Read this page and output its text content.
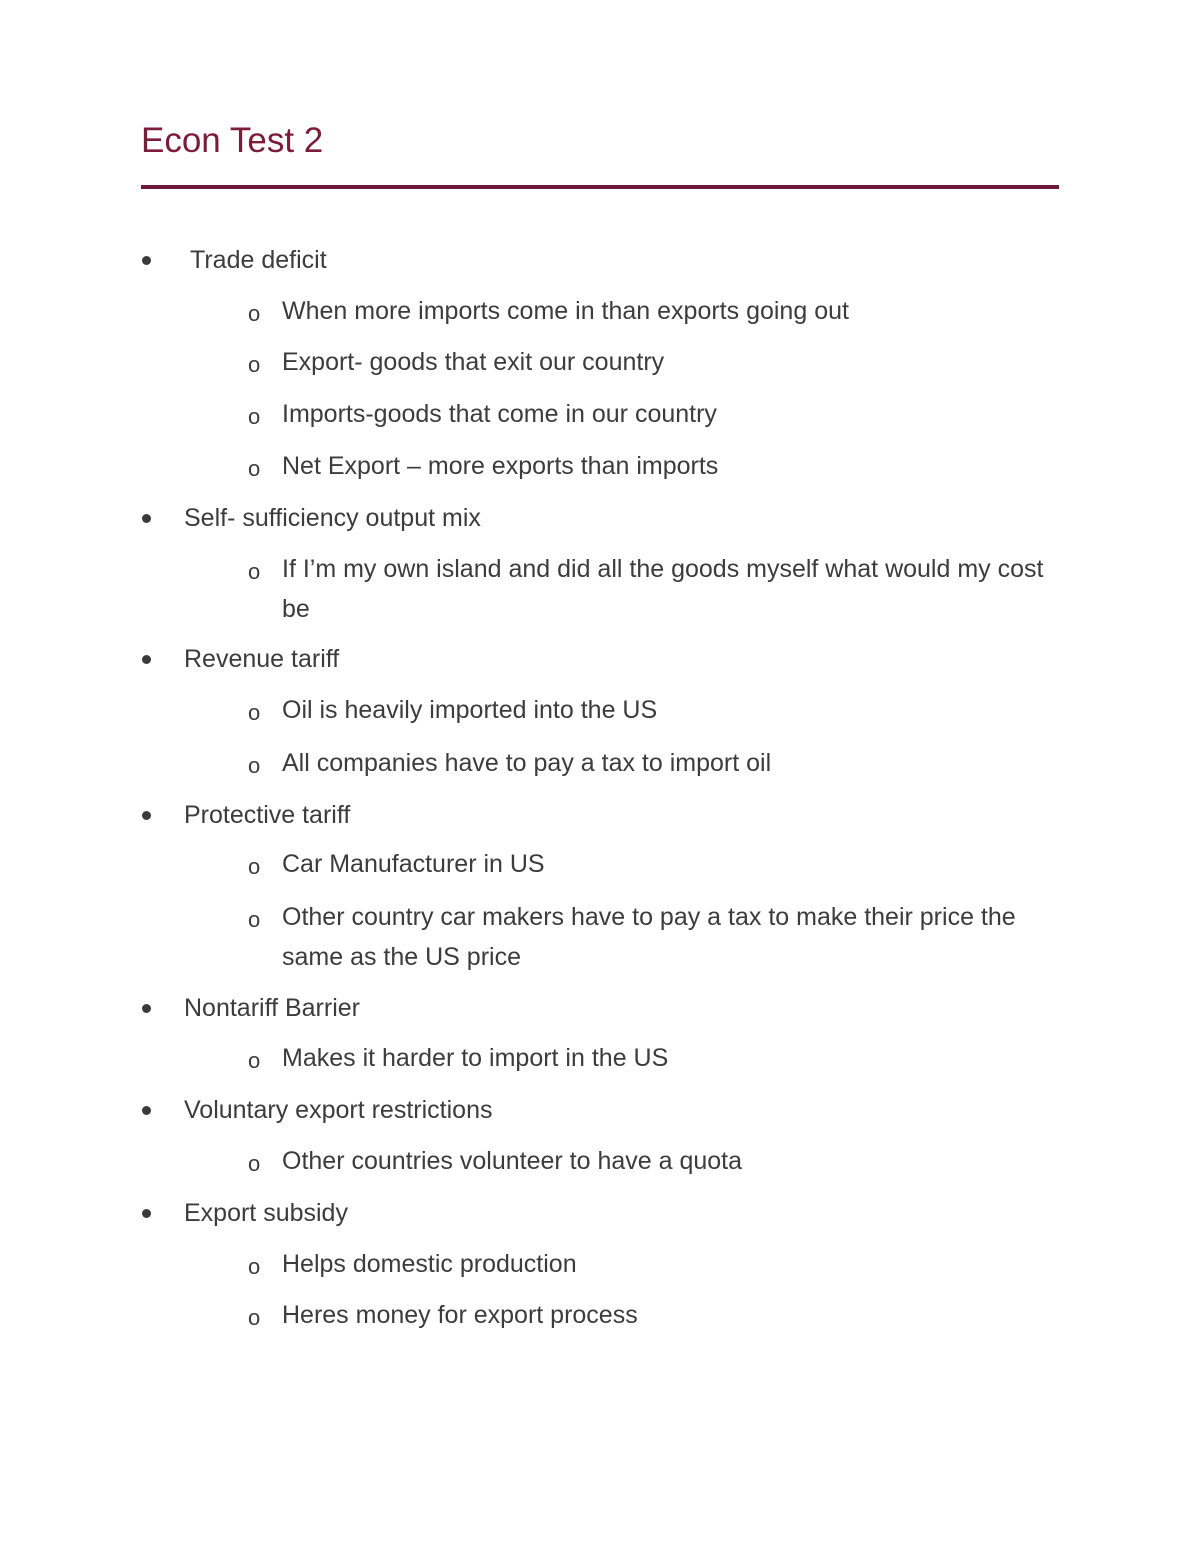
Econ Test 2
Trade deficit
o When more imports come in than exports going out
o Export- goods that exit our country
o Imports-goods that come in our country
o Net Export – more exports than imports
Self- sufficiency output mix
o If I’m my own island and did all the goods myself what would my cost be
Revenue tariff
o Oil is heavily imported into the US
o All companies have to pay a tax to import oil
Protective tariff
o Car Manufacturer in US
o Other country car makers have to pay a tax to make their price the same as the US price
Nontariff Barrier
o Makes it harder to import in the US
Voluntary export restrictions
o Other countries volunteer to have a quota
Export subsidy
o Helps domestic production
o Heres money for export process
